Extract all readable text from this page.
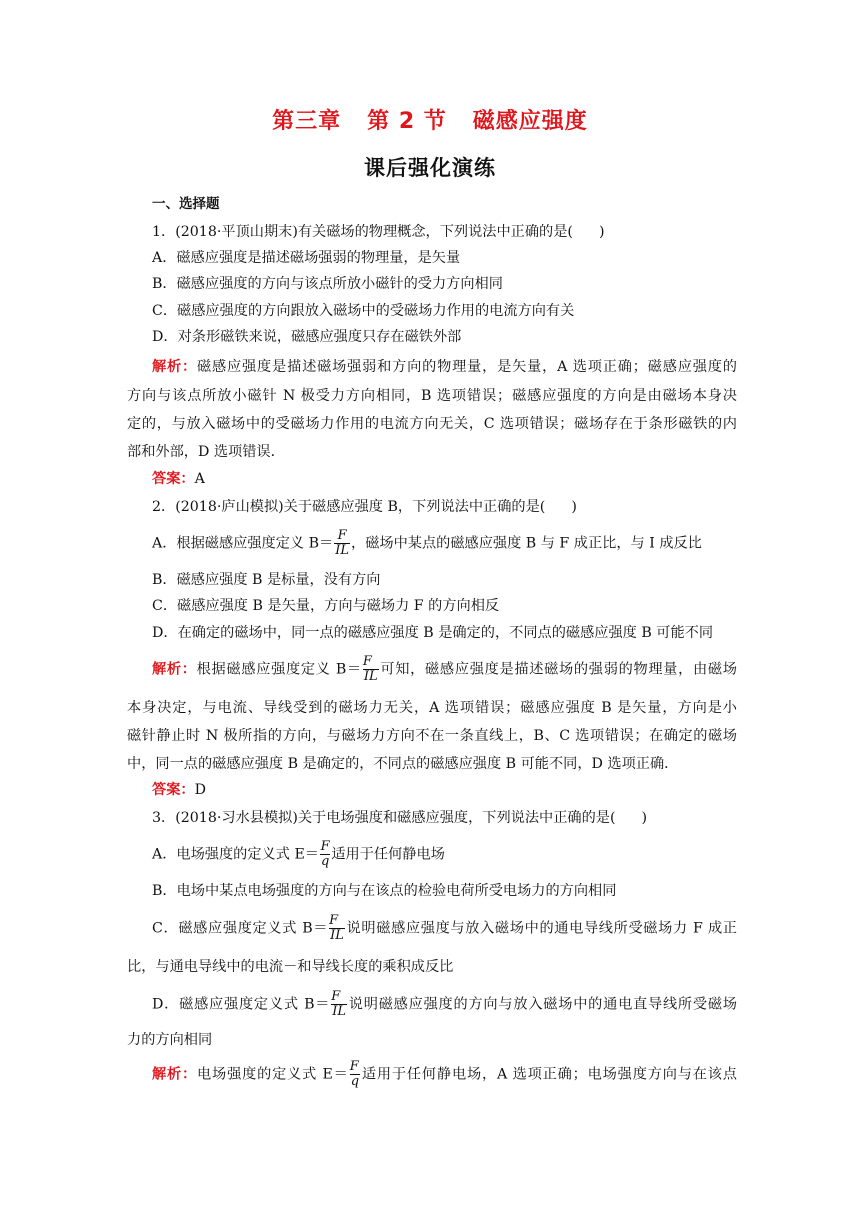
第三章 第 2 节 磁感应强度
课后强化演练
一、选择题
1．(2018·平顶山期末)有关磁场的物理概念，下列说法中正确的是( )
A．磁感应强度是描述磁场强弱的物理量，是矢量
B．磁感应强度的方向与该点所放小磁针的受力方向相同
C．磁感应强度的方向跟放入磁场中的受磁场力作用的电流方向有关
D．对条形磁铁来说，磁感应强度只存在磁铁外部
解析：磁感应强度是描述磁场强弱和方向的物理量，是矢量，A 选项正确；磁感应强度的
方向与该点所放小磁针 N 极受力方向相同，B 选项错误；磁感应强度的方向是由磁场本身决
定的，与放入磁场中的受磁场力作用的电流方向无关，C 选项错误；磁场存在于条形磁铁的内
部和外部，D 选项错误．
答案：A
2．(2018·庐山模拟)关于磁感应强度 B，下列说法中正确的是( )
A．根据磁感应强度定义 $B= \frac{F}{IL}$ ，磁场中某点的磁感应强度 B 与 F 成正比，与 I 成反比
B．磁感应强度 B 是标量，没有方向
C．磁感应强度 B 是矢量，方向与磁场力 F 的方向相反
D．在确定的磁场中，同一点的磁感应强度 B 是确定的，不同点的磁感应强度 B 可能不同
解析：根据磁感应强度定义 $B= \frac{F}{IL}$ 可知，磁感应强度是描述磁场的强弱的物理量，由磁场
本身决定，与电流、导线受到的磁场力无关，A 选项错误；磁感应强度 B 是矢量，方向是小
磁针静止时 N 极所指的方向，与磁场力方向不在一条直线上，B、C 选项错误；在确定的磁场
中，同一点的磁感应强度 B 是确定的，不同点的磁感应强度 B 可能不同，D 选项正确．
答案：D
3．(2018·习水县模拟)关于电场强度和磁感应强度，下列说法中正确的是( )
A．电场强度的定义式 $E= \frac{F}{q}$ 适用于任何静电场
B．电场中某点电场强度的方向与在该点的检验电荷所受电场力的方向相同
C．磁感应强度定义式 $B= \frac{F}{IL}$ 说明磁感应强度与放入磁场中的通电导线所受磁场力 F 成正
比，与通电导线中的电流－和导线长度的乘积成反比
D．磁感应强度定义式 $B= \frac{F}{IL}$ 说明磁感应强度的方向与放入磁场中的通电直导线所受磁场
力的方向相同
解析：电场强度的定义式 $E= \frac{F}{q}$ 适用于任何静电场，A 选项正确；电场强度方向与在该点
